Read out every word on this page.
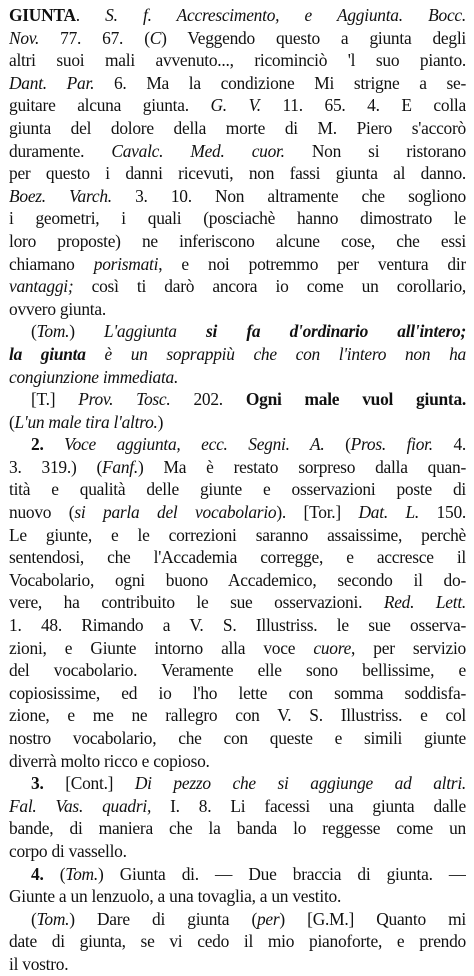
GIUNTA. S. f. Accrescimento, e Aggiunta. Bocc.
Nov. 77. 67. (C) Veggendo questo a giunta degli
altri suoi mali avvenuto..., ricominciò 'l suo pianto.
Dant. Par. 6. Ma la condizione Mi strigne a se-
guitare alcuna giunta. G. V. 11. 65. 4. E colla
giunta del dolore della morte di M. Piero s'accorò
duramente. Cavalc. Med. cuor. Non si ristorano
per questo i danni ricevuti, non fassi giunta al danno.
Boez. Varch. 3. 10. Non altramente che sogliono
i geometri, i quali (posciachè hanno dimostrato le
loro proposte) ne inferiscono alcune cose, che essi
chiamano porismati, e noi potremmo per ventura dir
vantaggi; così ti darò ancora io come un corollario,
ovvero giunta.
(Tom.) L'aggiunta si fa d'ordinario all'intero;
la giunta è un soprappiù che con l'intero non ha
congiunzione immediata.
[T.] Prov. Tosc. 202. Ogni male vuol giunta.
(L'un male tira l'altro.)
2. Voce aggiunta, ecc. Segni. A. (Pros. fior. 4.
3. 319.) (Fanf.) Ma è restato sorpreso dalla quan-
tità e qualità delle giunte e osservazioni poste di
nuovo (si parla del vocabolario). [Tor.] Dat. L. 150.
Le giunte, e le correzioni saranno assaissime, perchè
sentendosi, che l'Accademia corregge, e accresce il
Vocabolario, ogni buono Accademico, secondo il do-
vere, ha contribuito le sue osservazioni. Red. Lett.
1. 48. Rimando a V. S. Illustriss. le sue osserva-
zioni, e Giunte intorno alla voce cuore, per servizio
del vocabolario. Veramente elle sono bellissime, e
copiosissime, ed io l'ho lette con somma soddisfa-
zione, e me ne rallegro con V. S. Illustriss. e col
nostro vocabolario, che con queste e simili giunte
diverrà molto ricco e copioso.
3. [Cont.] Di pezzo che si aggiunge ad altri.
Fal. Vas. quadri, I. 8. Li facessi una giunta dalle
bande, di maniera che la banda lo reggesse come un
corpo di vassello.
4. (Tom.) Giunta di. — Due braccia di giunta. —
Giunte a un lenzuolo, a una tovaglia, a un vestito.
(Tom.) Dare di giunta (per) [G.M.] Quanto mi
date di giunta, se vi cedo il mio pianoforte, e prendo
il vostro.
